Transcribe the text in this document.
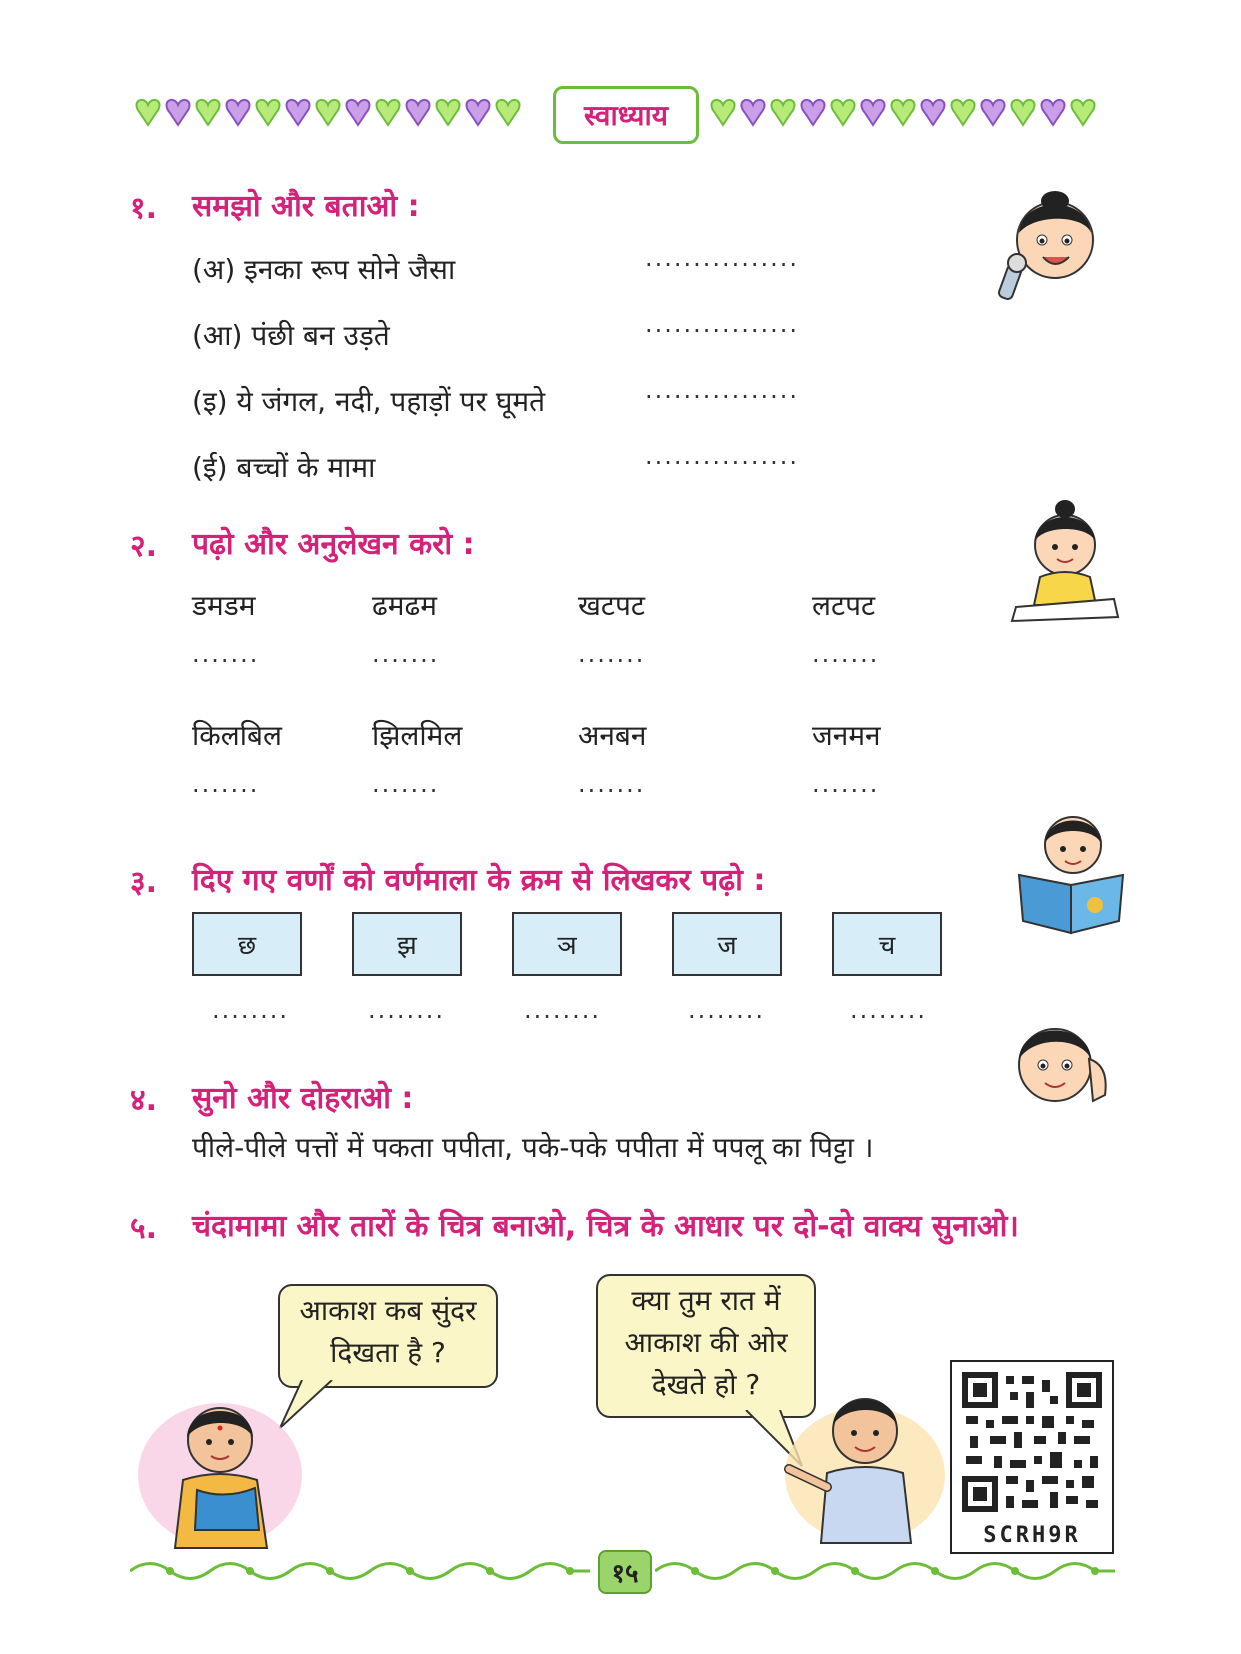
स्वाध्याय
१. समझो और बताओ :
(अ) इनका रूप सोने जैसा	................
(आ) पंछी बन उड़ते	................
(इ) ये जंगल, नदी, पहाड़ों पर घूमते	................
(ई) बच्चों के मामा	................
२. पढ़ो और अनुलेखन करो :
डमडम	ढमढम	खटपट	लटपट
.......	.......	.......	.......
किलबिल	झिलमिल	अनबन	जनमन
.......	.......	.......	.......
३. दिए गए वर्णों को वर्णमाला के क्रम से लिखकर पढ़ो :
छ	झ	ञ	ज	च
........	........	........	........	........
४. सुनो और दोहराओ :
पीले-पीले पत्तों में पकता पपीता, पके-पके पपीता में पपलू का पिट्टा ।
५. चंदामामा और तारों के चित्र बनाओ, चित्र के आधार पर दो-दो वाक्य सुनाओ।
आकाश कब सुंदर
दिखता है ?
क्या तुम रात में
आकाश की ओर
देखते हो ?
SCRH9R
१५
